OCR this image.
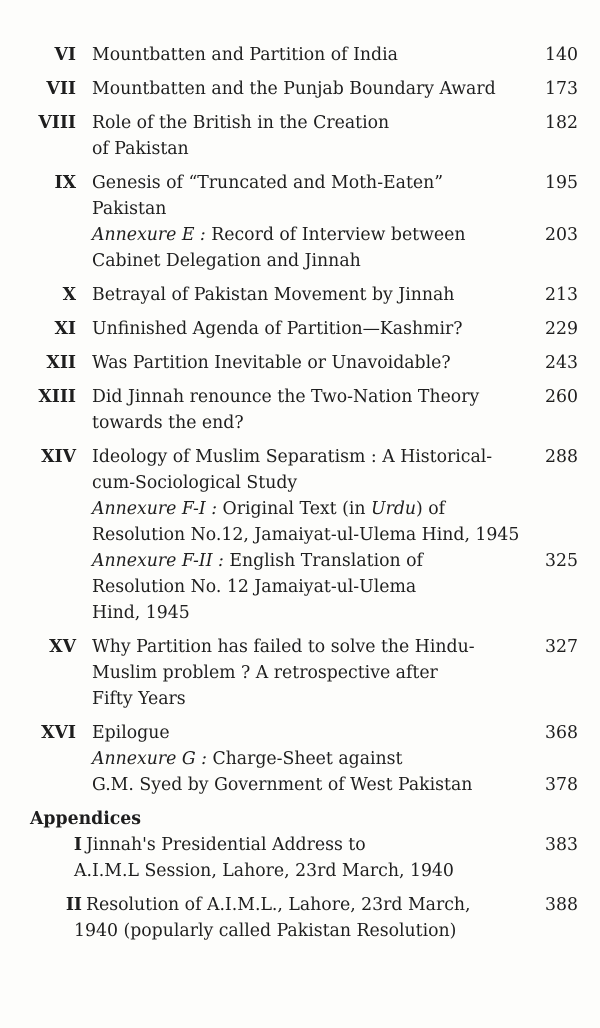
VI Mountbatten and Partition of India	140
VII Mountbatten and the Punjab Boundary Award	173
VIII Role of the British in the Creation	182
of Pakistan
IX Genesis of “Truncated and Moth-Eaten”	195
Pakistan
Annexure E : Record of Interview between	203
Cabinet Delegation and Jinnah
X Betrayal of Pakistan Movement by Jinnah	213
XI Unfinished Agenda of Partition—Kashmir?	229
XII Was Partition Inevitable or Unavoidable?	243
XIII Did Jinnah renounce the Two-Nation Theory	260
towards the end?
XIV Ideology of Muslim Separatism : A Historical-	288
cum-Sociological Study
Annexure F-I : Original Text (in Urdu) of
Resolution No.12, Jamaiyat-ul-Ulema Hind, 1945
Annexure F-II : English Translation of	325
Resolution No. 12 Jamaiyat-ul-Ulema
Hind, 1945
XV Why Partition has failed to solve the Hindu-	327
Muslim problem ? A retrospective after
Fifty Years
XVI Epilogue	368
Annexure G : Charge-Sheet against
G.M. Syed by Government of West Pakistan	378
Appendices
I Jinnah's Presidential Address to	383
A.I.M.L Session, Lahore, 23rd March, 1940
II Resolution of A.I.M.L., Lahore, 23rd March,	388
1940 (popularly called Pakistan Resolution)
